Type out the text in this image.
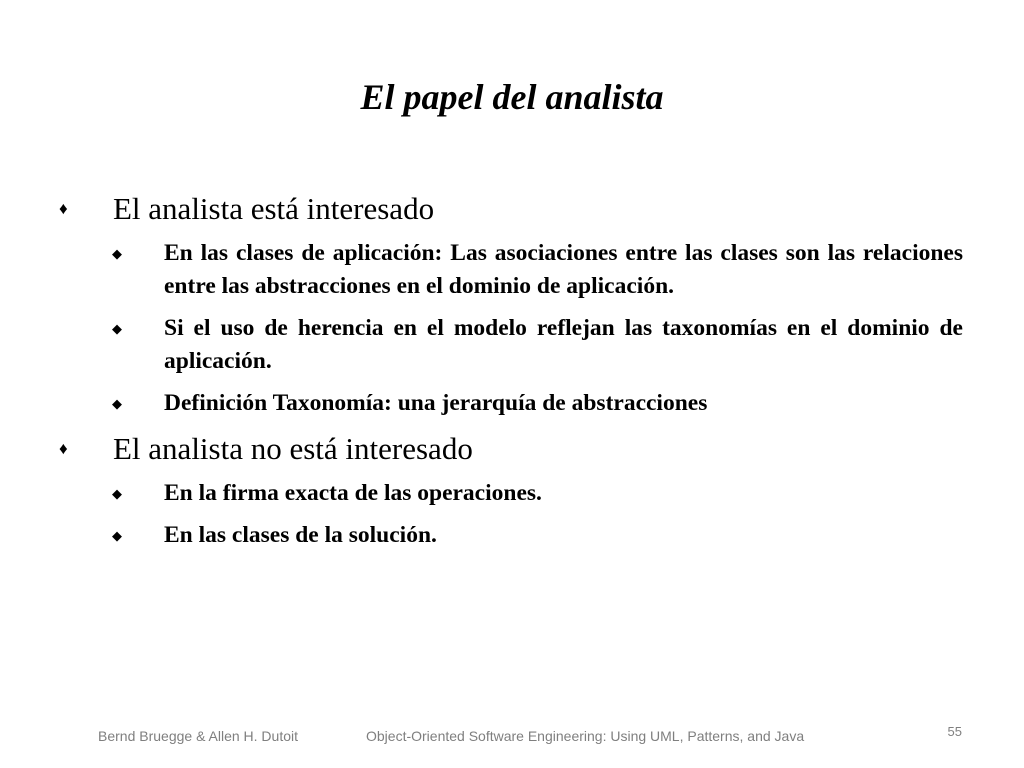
El papel del analista
♦ El analista está interesado
◆ En las clases de aplicación: Las asociaciones entre las clases son las relaciones entre las abstracciones en el dominio de aplicación.
◆ Si el uso de herencia en el modelo reflejan las taxonomías en el dominio de aplicación.
◆ Definición Taxonomía: una jerarquía de abstracciones
♦ El analista no está interesado
◆ En la firma exacta de las operaciones.
◆ En las clases de la solución.
Bernd Bruegge & Allen H. Dutoit	Object-Oriented Software Engineering: Using UML, Patterns, and Java	55
